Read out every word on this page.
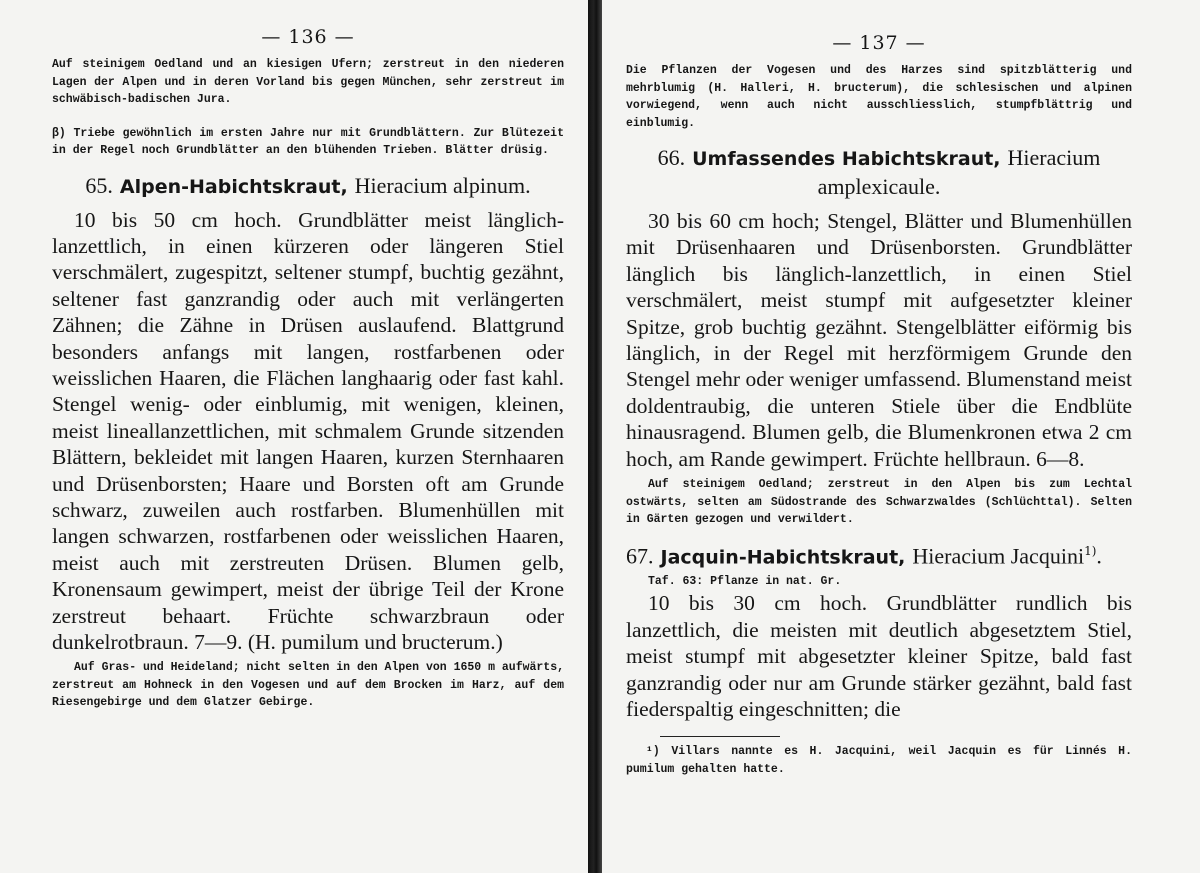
— 136 —

Auf steinigem Oedland und an kiesigen Ufern; zerstreut in den niederen Lagen der Alpen und in deren Vorland bis gegen München, sehr zerstreut im schwäbisch-badischen Jura.

β) Triebe gewöhnlich im ersten Jahre nur mit Grundblättern. Zur Blütezeit in der Regel noch Grundblätter an den blühenden Trieben. Blätter drüsig.

65. Alpen-Habichtskraut, Hieracium alpinum.

10 bis 50 cm hoch. Grundblätter meist länglich-lanzettlich, in einen kürzeren oder längeren Stiel verschmälert, zugespitzt, seltener stumpf, buchtig gezähnt, seltener fast ganzrandig oder auch mit verlängerten Zähnen; die Zähne in Drüsen auslaufend. Blattgrund besonders anfangs mit langen, rostfarbenen oder weisslichen Haaren, die Flächen langhaarig oder fast kahl. Stengel wenig- oder einblumig, mit wenigen, kleinen, meist lineallanzettlichen, mit schmalem Grunde sitzenden Blättern, bekleidet mit langen Haaren, kurzen Sternhaaren und Drüsenborsten; Haare und Borsten oft am Grunde schwarz, zuweilen auch rostfarben. Blumenhüllen mit langen schwarzen, rostfarbenen oder weisslichen Haaren, meist auch mit zerstreuten Drüsen. Blumen gelb, Kronensaum gewimpert, meist der übrige Teil der Krone zerstreut behaart. Früchte schwarzbraun oder dunkelrotbraun. 7—9. (H. pumilum und bructerum.)

Auf Gras- und Heideland; nicht selten in den Alpen von 1650 m aufwärts, zerstreut am Hohneck in den Vogesen und auf dem Brocken im Harz, auf dem Riesengebirge und dem Glatzer Gebirge.

— 137 —

Die Pflanzen der Vogesen und des Harzes sind spitzblätterig und mehrblumig (H. Halleri, H. bructerum), die schlesischen und alpinen vorwiegend, wenn auch nicht ausschliesslich, stumpfblättrig und einblumig.

66. Umfassendes Habichtskraut, Hieracium amplexicaule.

30 bis 60 cm hoch; Stengel, Blätter und Blumenhüllen mit Drüsenhaaren und Drüsenborsten. Grundblätter länglich bis länglich-lanzettlich, in einen Stiel verschmälert, meist stumpf mit aufgesetzter kleiner Spitze, grob buchtig gezähnt. Stengelblätter eiförmig bis länglich, in der Regel mit herzförmigem Grunde den Stengel mehr oder weniger umfassend. Blumenstand meist doldentraubig, die unteren Stiele über die Endblüte hinausragend. Blumen gelb, die Blumenkronen etwa 2 cm hoch, am Rande gewimpert. Früchte hellbraun. 6—8.

Auf steinigem Oedland; zerstreut in den Alpen bis zum Lechtal ostwärts, selten am Südostrande des Schwarzwaldes (Schlüchttal). Selten in Gärten gezogen und verwildert.

67. Jacquin-Habichtskraut, Hieracium Jacquini$^{1)}$.

Taf. 63: Pflanze in nat. Gr.

10 bis 30 cm hoch. Grundblätter rundlich bis lanzettlich, die meisten mit deutlich abgesetztem Stiel, meist stumpf mit abgesetzter kleiner Spitze, bald fast ganzrandig oder nur am Grunde stärker gezähnt, bald fast fiederspaltig eingeschnitten; die

¹) Villars nannte es H. Jacquini, weil Jacquin es für Linnés H. pumilum gehalten hatte.
